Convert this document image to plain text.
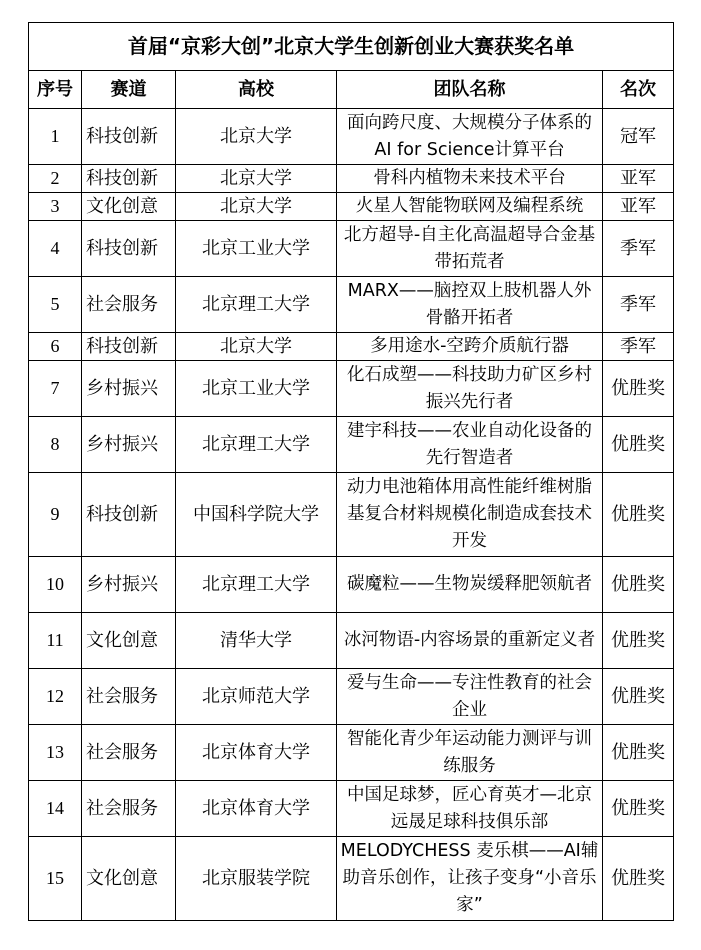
首届“京彩大创”北京大学生创新创业大赛获奖名单				
序号	赛道	高校	团队名称	名次
1	科技创新	北京大学	面向跨尺度、大规模分子体系的AI for Science计算平台	冠军
2	科技创新	北京大学	骨科内植物未来技术平台	亚军
3	文化创意	北京大学	火星人智能物联网及编程系统	亚军
4	科技创新	北京工业大学	北方超导-自主化高温超导合金基带拓荒者	季军
5	社会服务	北京理工大学	MARX——脑控双上肢机器人外骨骼开拓者	季军
6	科技创新	北京大学	多用途水-空跨介质航行器	季军
7	乡村振兴	北京工业大学	化石成塑——科技助力矿区乡村振兴先行者	优胜奖
8	乡村振兴	北京理工大学	建宇科技——农业自动化设备的先行智造者	优胜奖
9	科技创新	中国科学院大学	动力电池箱体用高性能纤维树脂基复合材料规模化制造成套技术开发	优胜奖
10	乡村振兴	北京理工大学	碳魔粒——生物炭缓释肥领航者	优胜奖
11	文化创意	清华大学	冰河物语-内容场景的重新定义者	优胜奖
12	社会服务	北京师范大学	爱与生命——专注性教育的社会企业	优胜奖
13	社会服务	北京体育大学	智能化青少年运动能力测评与训练服务	优胜奖
14	社会服务	北京体育大学	中国足球梦，匠心育英才—北京远晟足球科技俱乐部	优胜奖
15	文化创意	北京服装学院	MELODYCHESS 麦乐棋——AI辅助音乐创作，让孩子变身“小音乐家”	优胜奖
